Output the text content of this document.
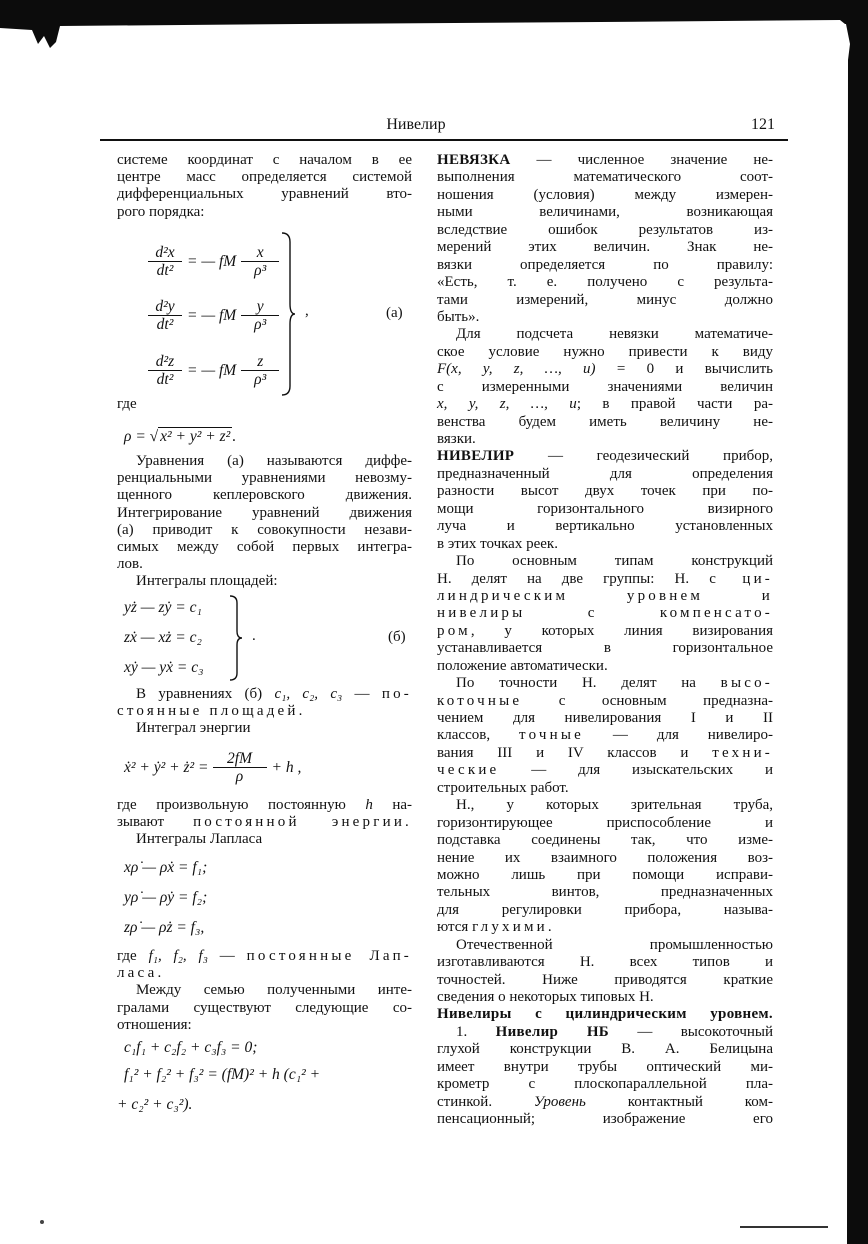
Нивелир	121
системе координат с началом в ее
центре масс определяется системой
дифференциальных уравнений вто-
рого порядка:
$\frac{\text{d²x}}{\text{dt²}}$ = — fM $\frac{x}{\text{ρ³}}$
$\frac{\text{d²y}}{\text{dt²}}$ = — fM $\frac{y}{\text{ρ³}}$
$\frac{\text{d²z}}{\text{dt²}}$ = — fM $\frac{z}{\text{ρ³}}$
,	(а)
где
ρ = √ x² + y² + z² .
Уравнения (а) называются диффе-
ренциальными уравнениями невозму-
щенного кеплеровского движения.
Интегрирование уравнений движения
(а) приводит к совокупности незави-
симых между собой первых интегра-
лов.
Интегралы площадей:
yż — zẏ = c₁
zẋ — xż = c₂
xẏ — yẋ = c₃
.	(б)
В уравнениях (б) c₁, c₂, c₃ — по-
стоянные площадей.
Интеграл энергии
ẋ² + ẏ² + ż² = $\frac{2fM}{\rho} + h$ ,
где произвольную постоянную h на-
зывают постоянной энергии.
Интегралы Лапласа
xρ̇ — ρẋ = f₁;
yρ̇ — ρẏ = f₂;
zρ̇ — ρż = f₃,
где f₁, f₂, f₃ — постоянные Лап-
ласа.
Между семью полученными инте-
гралами существуют следующие со-
отношения:
c₁f₁ + c₂f₂ + c₃f₃ = 0;
f₁² + f₂² + f₃² = (fM)² + h (c₁² +
+ c₂² + c₃²).
НЕВЯЗКА — численное значение не-
выполнения математического соот-
ношения (условия) между измерен-
ными величинами, возникающая
вследствие ошибок результатов из-
мерений этих величин. Знак не-
вязки определяется по правилу:
«Есть, т. е. получено с результа-
тами измерений, минус должно
быть».
Для подсчета невязки математиче-
ское условие нужно привести к виду
F(x, y, z, …, u) = 0 и вычислить
с измеренными значениями величин
x, y, z, …, u; в правой части ра-
венства будем иметь величину не-
вязки.
НИВЕЛИР — геодезический прибор,
предназначенный для определения
разности высот двух точек при по-
мощи горизонтального визирного
луча и вертикально установленных
в этих точках реек.
По основным типам конструкций
Н. делят на две группы: Н. с ци-
линдрическим уровнем и
нивелиры с компенсато-
ром, у которых линия визирования
устанавливается в горизонтальное
положение автоматически.
По точности Н. делят на высо-
коточные с основным предназна-
чением для нивелирования I и II
классов, точные — для нивелиро-
вания III и IV классов и техни-
ческие — для изыскательских и
строительных работ.
Н., у которых зрительная труба,
горизонтирующее приспособление и
подставка соединены так, что изме-
нение их взаимного положения воз-
можно лишь при помощи исправи-
тельных винтов, предназначенных
для регулировки прибора, называ-
ются глухими.
Отечественной промышленностью
изготавливаются Н. всех типов и
точностей. Ниже приводятся краткие
сведения о некоторых типовых Н.
Нивелиры с цилиндрическим уровнем.
1. Нивелир НБ — высокоточный
глухой конструкции В. А. Белицына
имеет внутри трубы оптический ми-
крометр с плоскопараллельной пла-
стинкой. Уровень контактный ком-
пенсационный; изображение его
